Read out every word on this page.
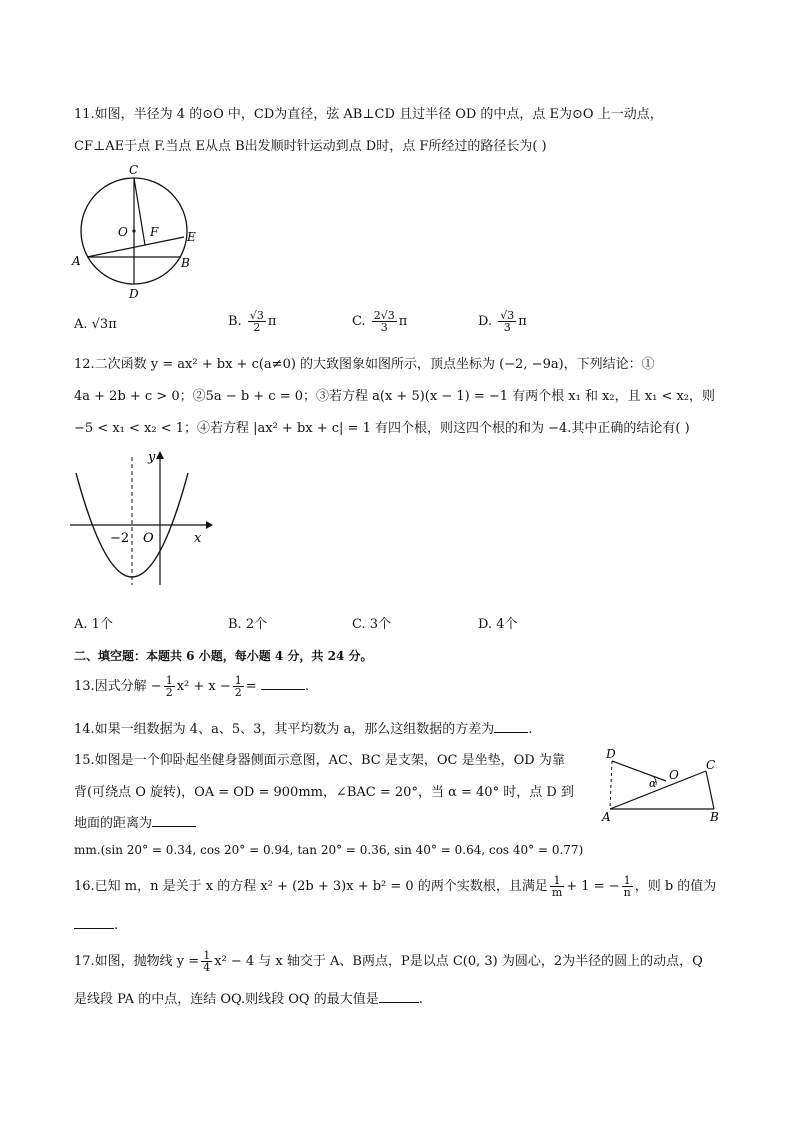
11.如图，半径为 4 的⊙O 中，CD为直径，弦 AB⊥CD 且过半径 OD 的中点，点 E为⊙O 上一动点，
CF⊥AE于点 F.当点 E从点 B出发顺时针运动到点 D时，点 F所经过的路径长为( )
C
O F E
A	B
D
A. √3π	B. $\frac{√3}{2}$ π	C. $\frac{2√3}{3}$ π	D. $\frac{√3}{3}$ π
12.二次函数 y = ax² + bx + c(a≠0) 的大致图象如图所示，顶点坐标为 (−2, −9a)，下列结论：①
4a + 2b + c > 0；②5a − b + c = 0；③若方程 a(x + 5)(x − 1) = −1 有两个根 x₁ 和 x₂，且 x₁ < x₂，则
−5 < x₁ < x₂ < 1；④若方程 |ax² + bx + c| = 1 有四个根，则这四个根的和为 −4.其中正确的结论有( )
y
x
−2 O
A. 1个	B. 2个	C. 3个	D. 4个
二、填空题：本题共 6 小题，每小题 4 分，共 24 分。
13.因式分解 − $\frac{1}{2} x^2 + x - \frac{1}{2}$ =	.
14.如果一组数据为 4、a、5、3，其平均数为 a，那么这组数据的方差为	.
15.如图是一个仰卧起坐健身器侧面示意图，AC、BC 是支架，OC 是坐垫，OD 为靠
背(可绕点 O 旋转)，OA = OD = 900mm，∠BAC = 20°，当 α = 40° 时，点 D 到
地面的距离为
mm.(sin 20° = 0.34, cos 20° = 0.94, tan 20° = 0.36, sin 40° = 0.64, cos 40° = 0.77)
D
O
α
C
A	B
16.已知 m，n 是关于 x 的方程 x² + (2b + 3)x + b² = 0 的两个实数根，且满足 $\frac{1}{m} + 1$ = − $\frac{1}{n}$ ，则 b 的值为
.
17.如图，抛物线 $y = \frac{1}{4} x^2 - 4$ 与 x 轴交于 A、B两点，P是以点 C(0, 3) 为圆心，2为半径的圆上的动点，Q
是线段 PA 的中点，连结 OQ.则线段 OQ 的最大值是	.
